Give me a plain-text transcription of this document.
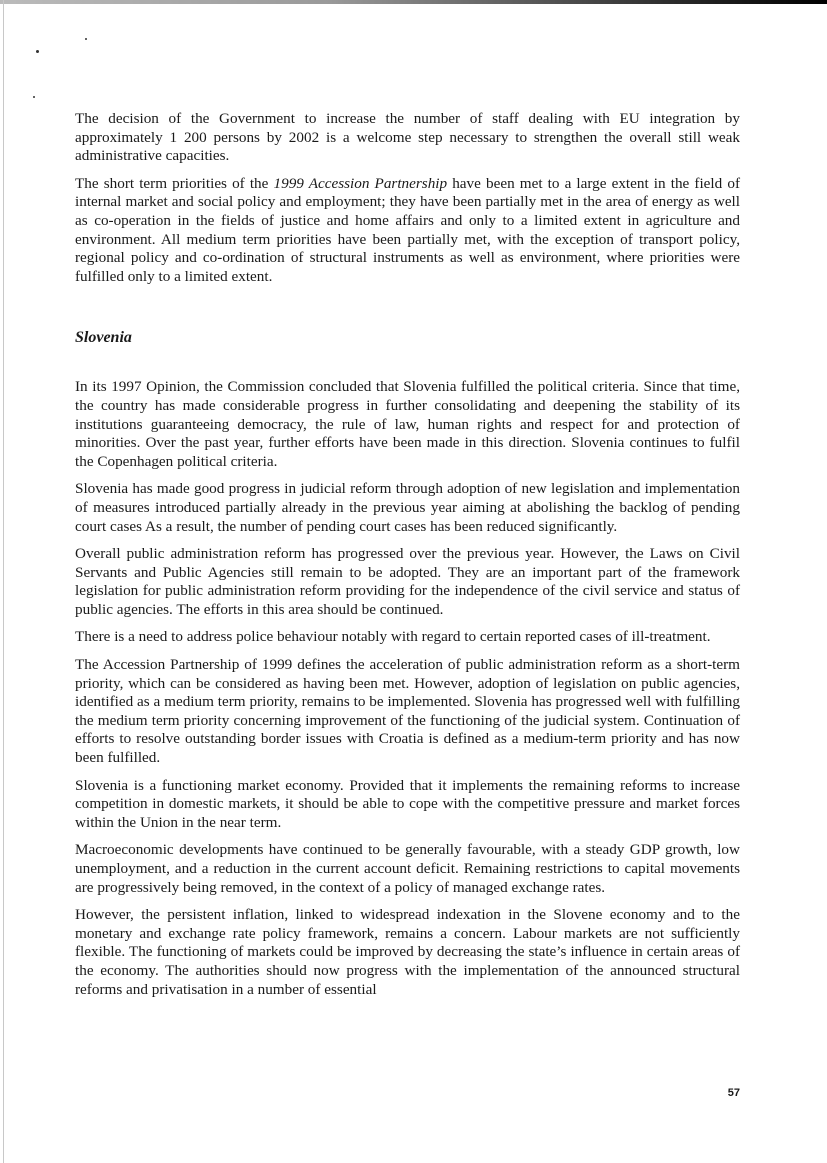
The decision of the Government to increase the number of staff dealing with EU integration by approximately 1 200 persons by 2002 is a welcome step necessary to strengthen the overall still weak administrative capacities.

The short term priorities of the 1999 Accession Partnership have been met to a large extent in the field of internal market and social policy and employment; they have been partially met in the area of energy as well as co-operation in the fields of justice and home affairs and only to a limited extent in agriculture and environment. All medium term priorities have been partially met, with the exception of transport policy, regional policy and co-ordination of structural instruments as well as environment, where priorities were fulfilled only to a limited extent.

Slovenia

In its 1997 Opinion, the Commission concluded that Slovenia fulfilled the political criteria. Since that time, the country has made considerable progress in further consolidating and deepening the stability of its institutions guaranteeing democracy, the rule of law, human rights and respect for and protection of minorities. Over the past year, further efforts have been made in this direction. Slovenia continues to fulfil the Copenhagen political criteria.

Slovenia has made good progress in judicial reform through adoption of new legislation and implementation of measures introduced partially already in the previous year aiming at abolishing the backlog of pending court cases As a result, the number of pending court cases has been reduced significantly.

Overall public administration reform has progressed over the previous year. However, the Laws on Civil Servants and Public Agencies still remain to be adopted. They are an important part of the framework legislation for public administration reform providing for the independence of the civil service and status of public agencies. The efforts in this area should be continued.

There is a need to address police behaviour notably with regard to certain reported cases of ill-treatment.

The Accession Partnership of 1999 defines the acceleration of public administration reform as a short-term priority, which can be considered as having been met. However, adoption of legislation on public agencies, identified as a medium term priority, remains to be implemented. Slovenia has progressed well with fulfilling the medium term priority concerning improvement of the functioning of the judicial system. Continuation of efforts to resolve outstanding border issues with Croatia is defined as a medium-term priority and has now been fulfilled.

Slovenia is a functioning market economy. Provided that it implements the remaining reforms to increase competition in domestic markets, it should be able to cope with the competitive pressure and market forces within the Union in the near term.

Macroeconomic developments have continued to be generally favourable, with a steady GDP growth, low unemployment, and a reduction in the current account deficit. Remaining restrictions to capital movements are progressively being removed, in the context of a policy of managed exchange rates.

However, the persistent inflation, linked to widespread indexation in the Slovene economy and to the monetary and exchange rate policy framework, remains a concern. Labour markets are not sufficiently flexible. The functioning of markets could be improved by decreasing the state’s influence in certain areas of the economy. The authorities should now progress with the implementation of the announced structural reforms and privatisation in a number of essential

57
